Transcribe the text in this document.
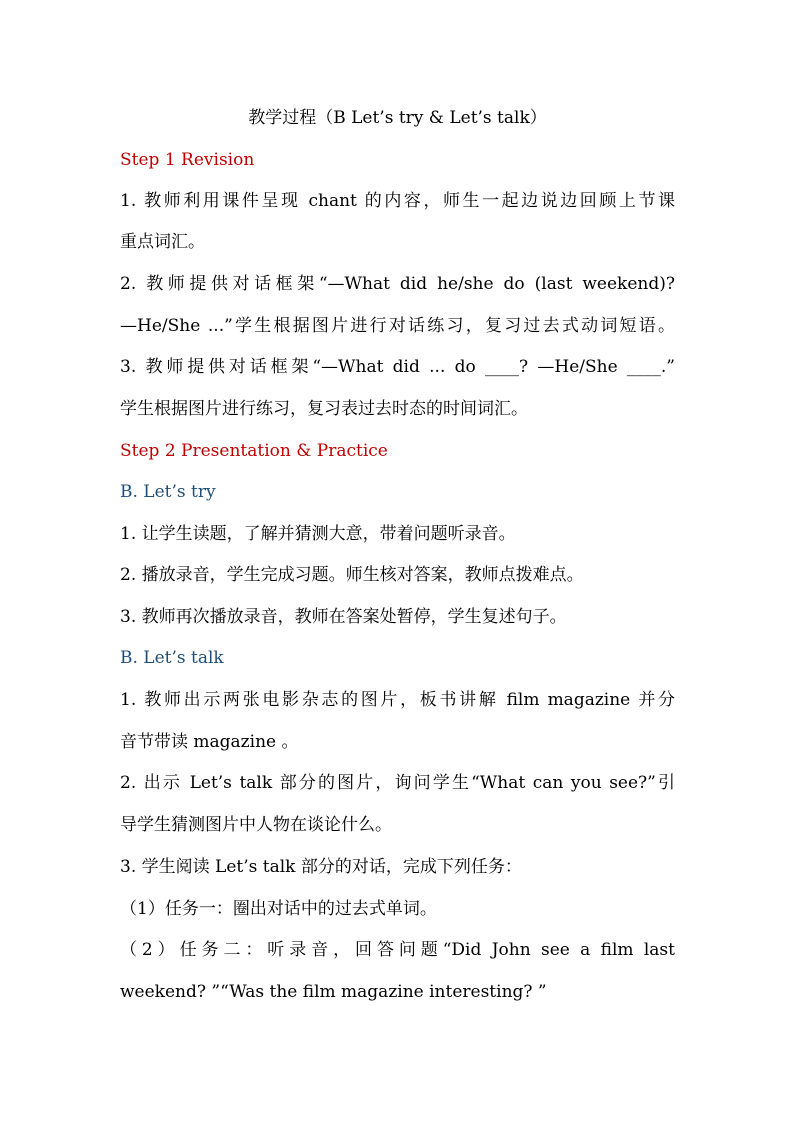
教学过程（B Let’s try & Let’s talk）
Step 1 Revision
1. 教师利用课件呈现 chant 的内容，师生一起边说边回顾上节课
重点词汇。
2. 教师提供对话框架“—What did he/she do (last weekend)?
—He/She ...”学生根据图片进行对话练习，复习过去式动词短语。
3. 教师提供对话框架“—What did ... do ____? —He/She ____.”
学生根据图片进行练习，复习表过去时态的时间词汇。
Step 2 Presentation & Practice
B. Let’s try
1. 让学生读题，了解并猜测大意，带着问题听录音。
2. 播放录音，学生完成习题。师生核对答案，教师点拨难点。
3. 教师再次播放录音，教师在答案处暂停，学生复述句子。
B. Let’s talk
1. 教师出示两张电影杂志的图片，板书讲解 film magazine 并分
音节带读 magazine 。
2. 出示 Let’s talk 部分的图片，询问学生“What can you see?”引
导学生猜测图片中人物在谈论什么。
3. 学生阅读 Let’s talk 部分的对话，完成下列任务：
（1）任务一：圈出对话中的过去式单词。
（2）任务二：听录音，回答问题“Did John see a film last
weekend? ”“Was the film magazine interesting? ”
